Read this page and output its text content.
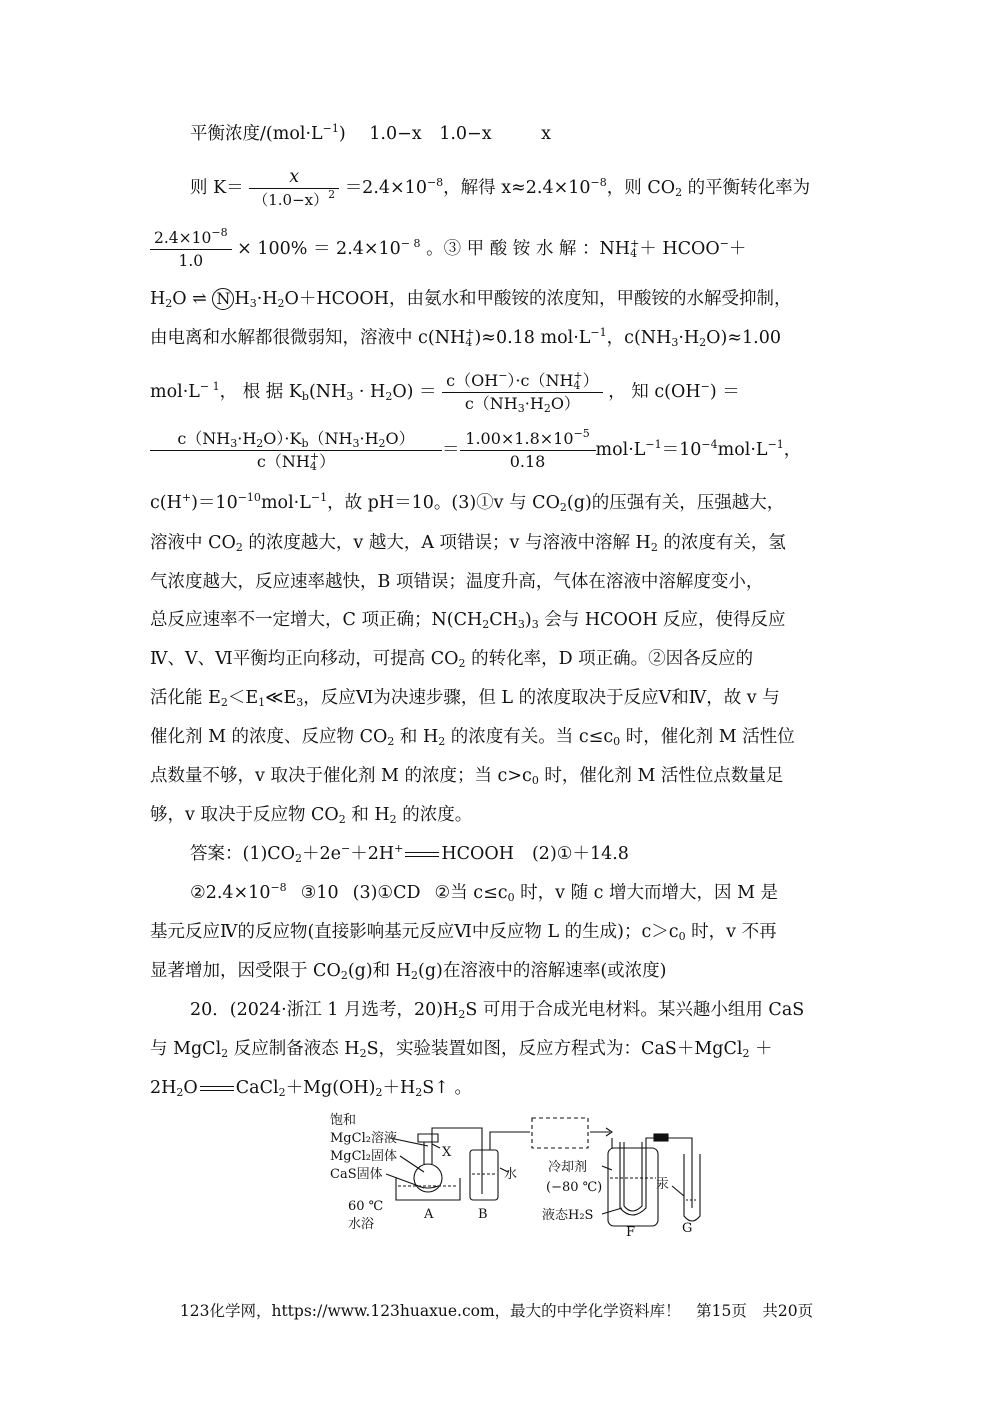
平衡浓度$/(mol\cdot L^{-1})$ 1.0−x 1.0−x	x
则 $K= \frac{x}{(1.0-x)^2} =2.4\times 10^{-8}$，解得 $x\approx 2.4\times 10^{-8}$，则 $CO_2$ 的平衡转化率为
$\frac{2.4\times 10^{-8}}{1.0} \times 100\% = 2.4\times 10^{- 8}$ 。③ 甲 酸 铵 水 解 ：$NH_4^++$ HCOO−＋
$H_2O$ ⇌ N $H_3\cdot H_2O+HCOOH$，由氨水和甲酸铵的浓度知，甲酸铵的水解受抑制，
由电离和水解都很微弱知，溶液中 $c(NH_4^+)\approx 0.18$ $mol\cdot L^{-1}$，$c(NH_3\cdot H_2O)\approx 1.00$
$mol\cdot L^{- 1}$， 根 据 $K_b(NH_3 \cdot H_2O) = \frac{c(OH^-)\cdot c(NH_4^+)}{c(NH_3\cdot H_2O)}$ ， 知 c(OH−) ＝
$\frac{c(NH_3\cdot H_2O)\cdot K_b(NH_3\cdot H_2O)}{c(NH_4^+)} = \frac{1.00\times 1.8\times 10^{-5}}{0.18} mol\cdot L^{-1}=10^{-4}mol\cdot L^{-1}$，
$c(H^+)=10^{-10}mol\cdot L^{-1}$，故 pH＝10。(3)①v 与 $CO_2(g)$的压强有关，压强越大，
溶液中 $CO_2$ 的浓度越大，v 越大，A 项错误；v 与溶液中溶解 $H_2$ 的浓度有关，氢
气浓度越大，反应速率越快，B 项错误；温度升高，气体在溶液中溶解度变小，
总反应速率不一定增大，C 项正确；$N(CH_2CH_3)_3$ 会与 HCOOH 反应，使得反应
Ⅳ、Ⅴ、Ⅵ平衡均正向移动，可提高 $CO_2$ 的转化率，D 项正确。②因各反应的
活化能 $E_2<E_1≪E_3$，反应Ⅵ为决速步骤，但 L 的浓度取决于反应Ⅴ和Ⅳ，故 v 与
催化剂 M 的浓度、反应物 $CO_2$ 和 $H_2$ 的浓度有关。当 $c\le c_0$ 时，催化剂 M 活性位
点数量不够，v 取决于催化剂 M 的浓度；当 $c>c_0$ 时，催化剂 M 活性位点数量足
够，v 取决于反应物 $CO_2$ 和 $H_2$ 的浓度。
答案：$(1)CO_2+2e^-+2H^+$ HCOOH (2)①＋14.8
$②2.4\times 10^{-8}$ ③10 (3)①CD ②当 $c\le c_0$ 时，v 随 c 增大而增大，因 M 是
基元反应Ⅳ的反应物(直接影响基元反应Ⅵ中反应物 L 的生成)；$c>c_0$ 时，v 不再
显著增加，因受限于 $CO_2(g)$和 $H_2(g)$在溶液中的溶解速率(或浓度)
20．(2024·浙江 1 月选考，$20)H_2S$ 可用于合成光电材料。某兴趣小组用 CaS
与 MgCl$_2$ 反应制备液态 $H_2S$，实验装置如图，反应方程式为：CaS＋MgCl$_2$ ＋
$2H_2O$ $CaCl_2+Mg(OH)_2+H_2S↑$ 。
饱和
MgCl₂溶液
MgCl₂固体
CaS固体
60 ℃
水浴
X
水 冷却剂
(−80 ℃)
液态H₂S
汞
A	B
F	G
123化学网，https://www.123huaxue.com，最大的中学化学资料库！　第15页　共20页
